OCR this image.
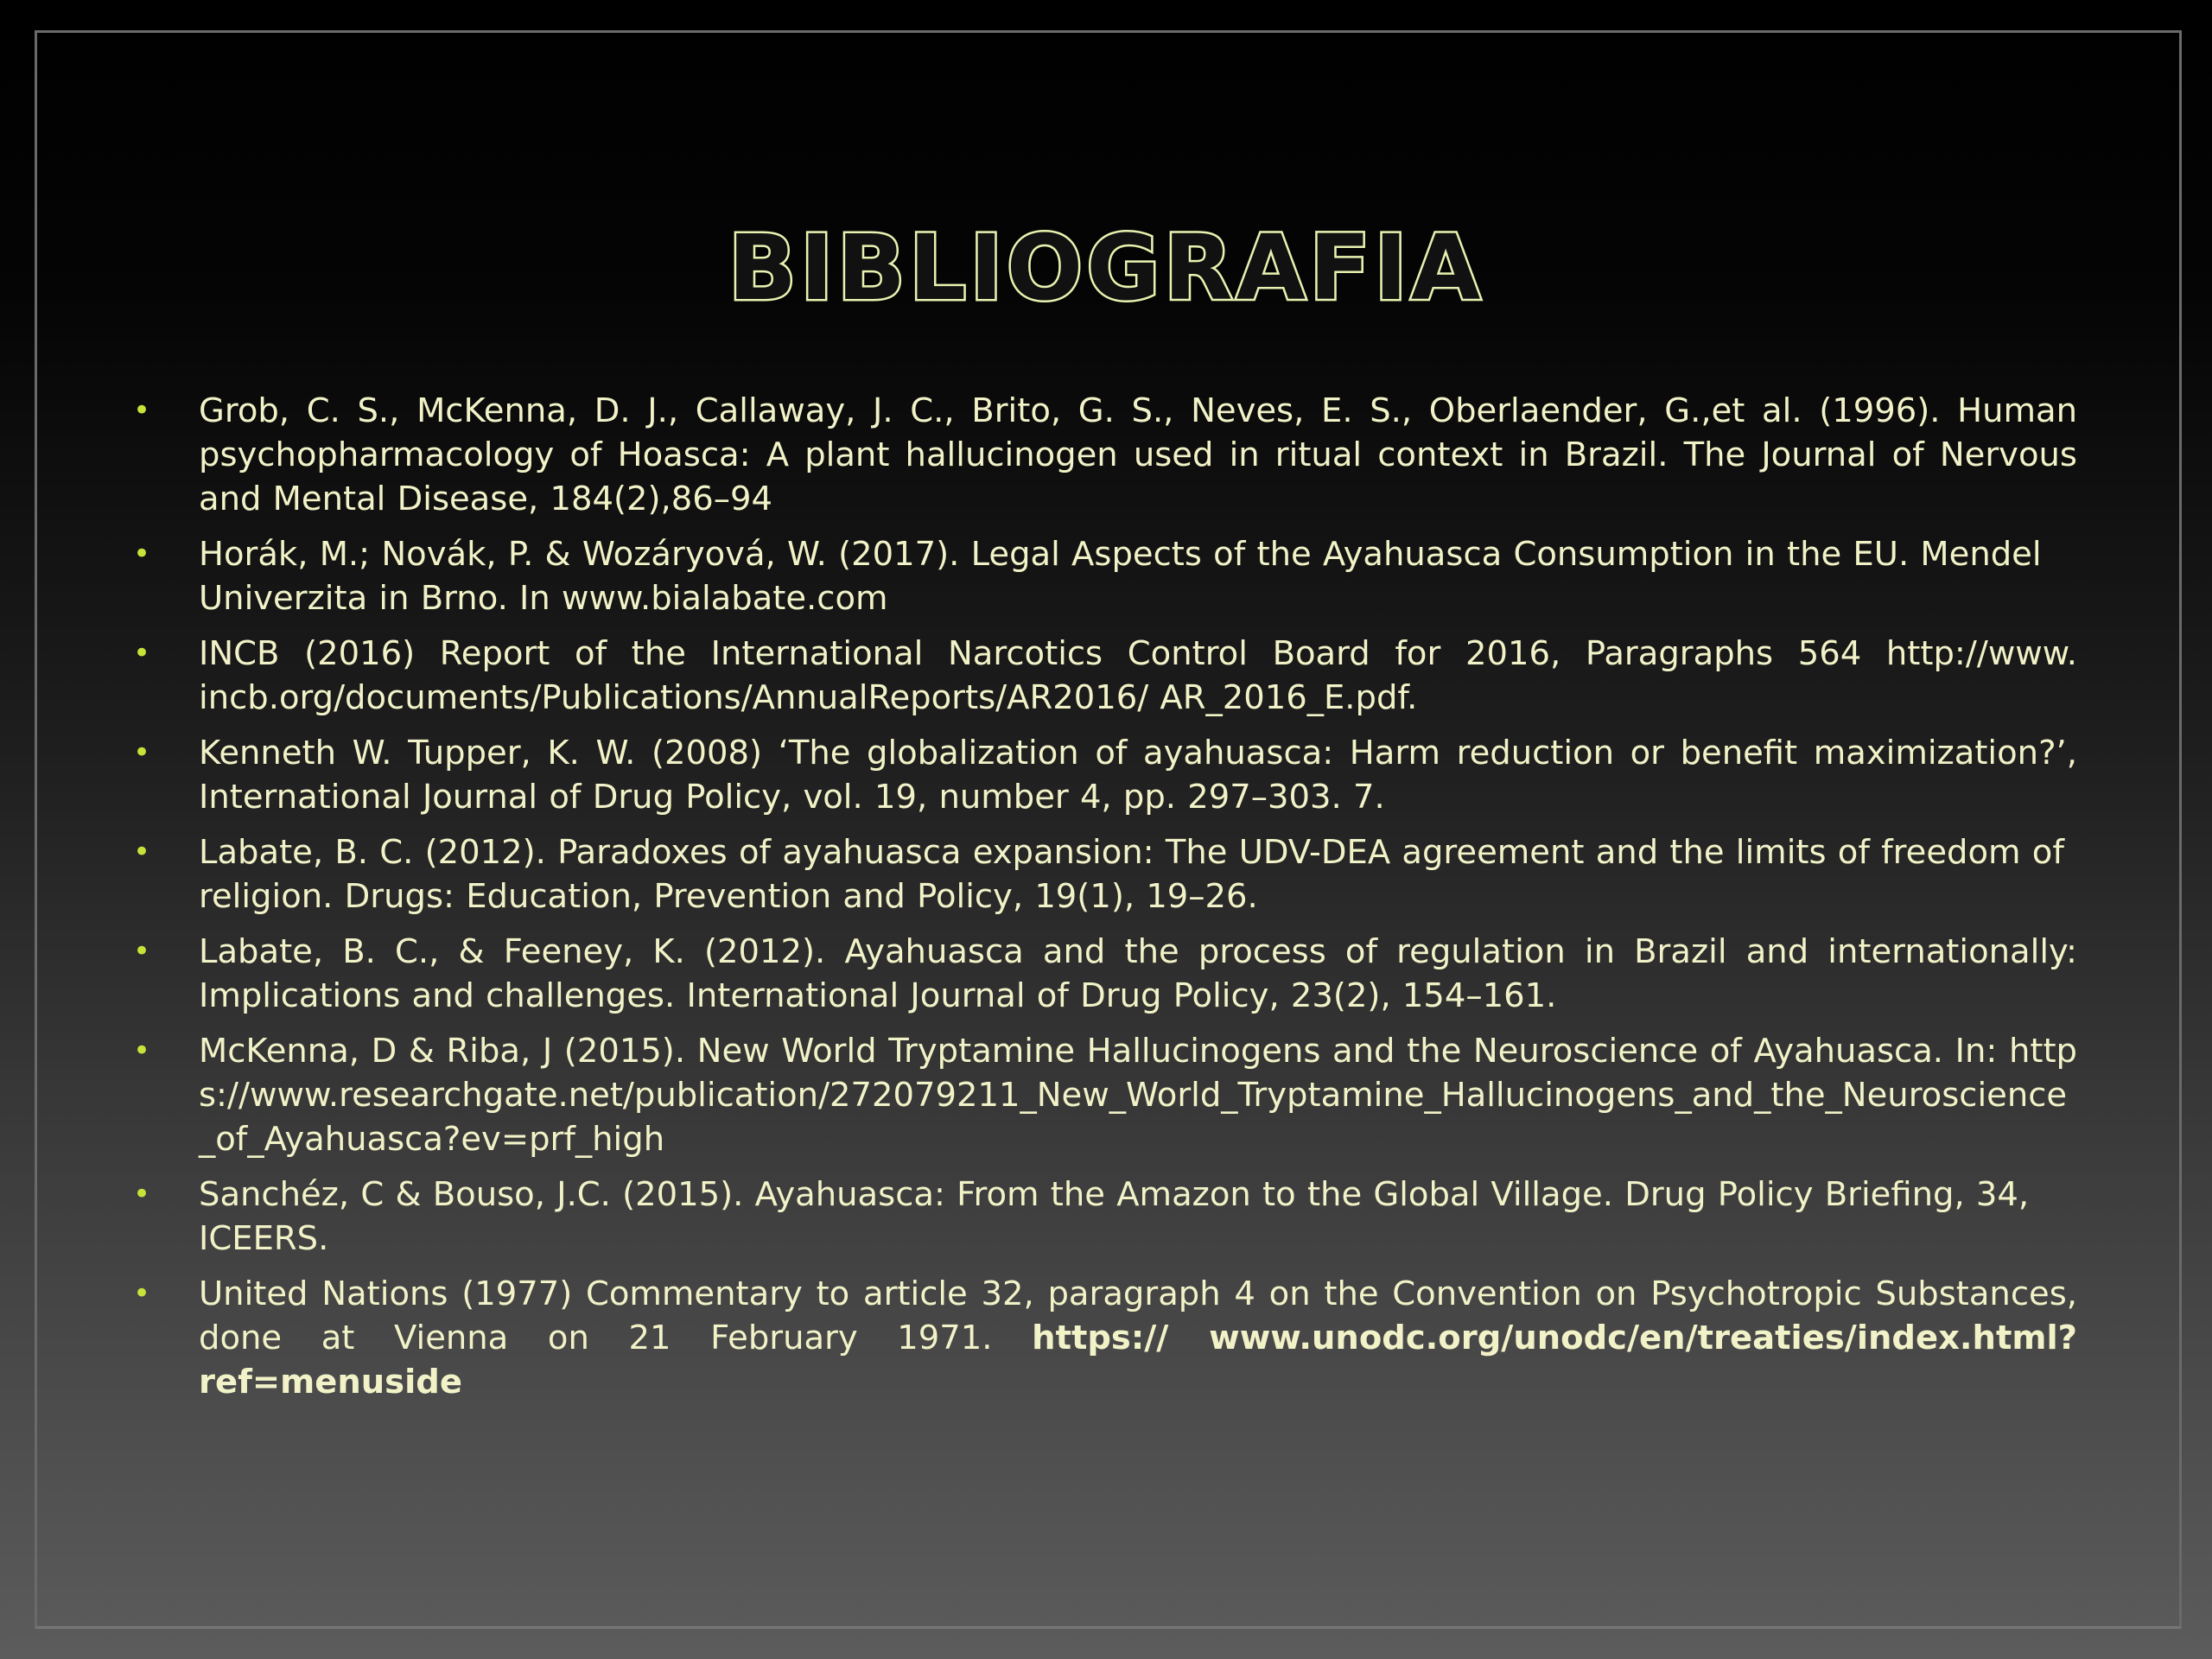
BIBLIOGRAFIA
• Grob, C. S., McKenna, D. J., Callaway, J. C., Brito, G. S., Neves, E. S., Oberlaender, G.,et al. (1996). Human psychopharmacology of Hoasca: A plant hallucinogen used in ritual context in Brazil. The Journal of Nervous and Mental Disease, 184(2),86–94
• Horák, M.; Novák, P. & Wozáryová, W. (2017). Legal Aspects of the Ayahuasca Consumption in the EU. Mendel Univerzita in Brno. In www.bialabate.com
• INCB (2016) Report of the International Narcotics Control Board for 2016, Paragraphs 564 http://www. incb.org/documents/Publications/AnnualReports/AR2016/ AR_2016_E.pdf.
• Kenneth W. Tupper, K. W. (2008) ‘The globalization of ayahuasca: Harm reduction or benefit maximization?’, International Journal of Drug Policy, vol. 19, number 4, pp. 297–303. 7.
• Labate, B. C. (2012). Paradoxes of ayahuasca expansion: The UDV-DEA agreement and the limits of freedom of religion. Drugs: Education, Prevention and Policy, 19(1), 19–26.
• Labate, B. C., & Feeney, K. (2012). Ayahuasca and the process of regulation in Brazil and internationally: Implications and challenges. International Journal of Drug Policy, 23(2), 154–161.
• McKenna, D & Riba, J (2015). New World Tryptamine Hallucinogens and the Neuroscience of Ayahuasca. In: https://www.researchgate.net/publication/272079211_New_World_Tryptamine_Hallucinogens_and_the_Neuroscience_of_Ayahuasca?ev=prf_high
• Sanchéz, C & Bouso, J.C. (2015). Ayahuasca: From the Amazon to the Global Village. Drug Policy Briefing, 34, ICEERS.
• United Nations (1977) Commentary to article 32, paragraph 4 on the Convention on Psychotropic Substances, done at Vienna on 21 February 1971. https:// www.unodc.org/unodc/en/treaties/index.html?ref=menuside
